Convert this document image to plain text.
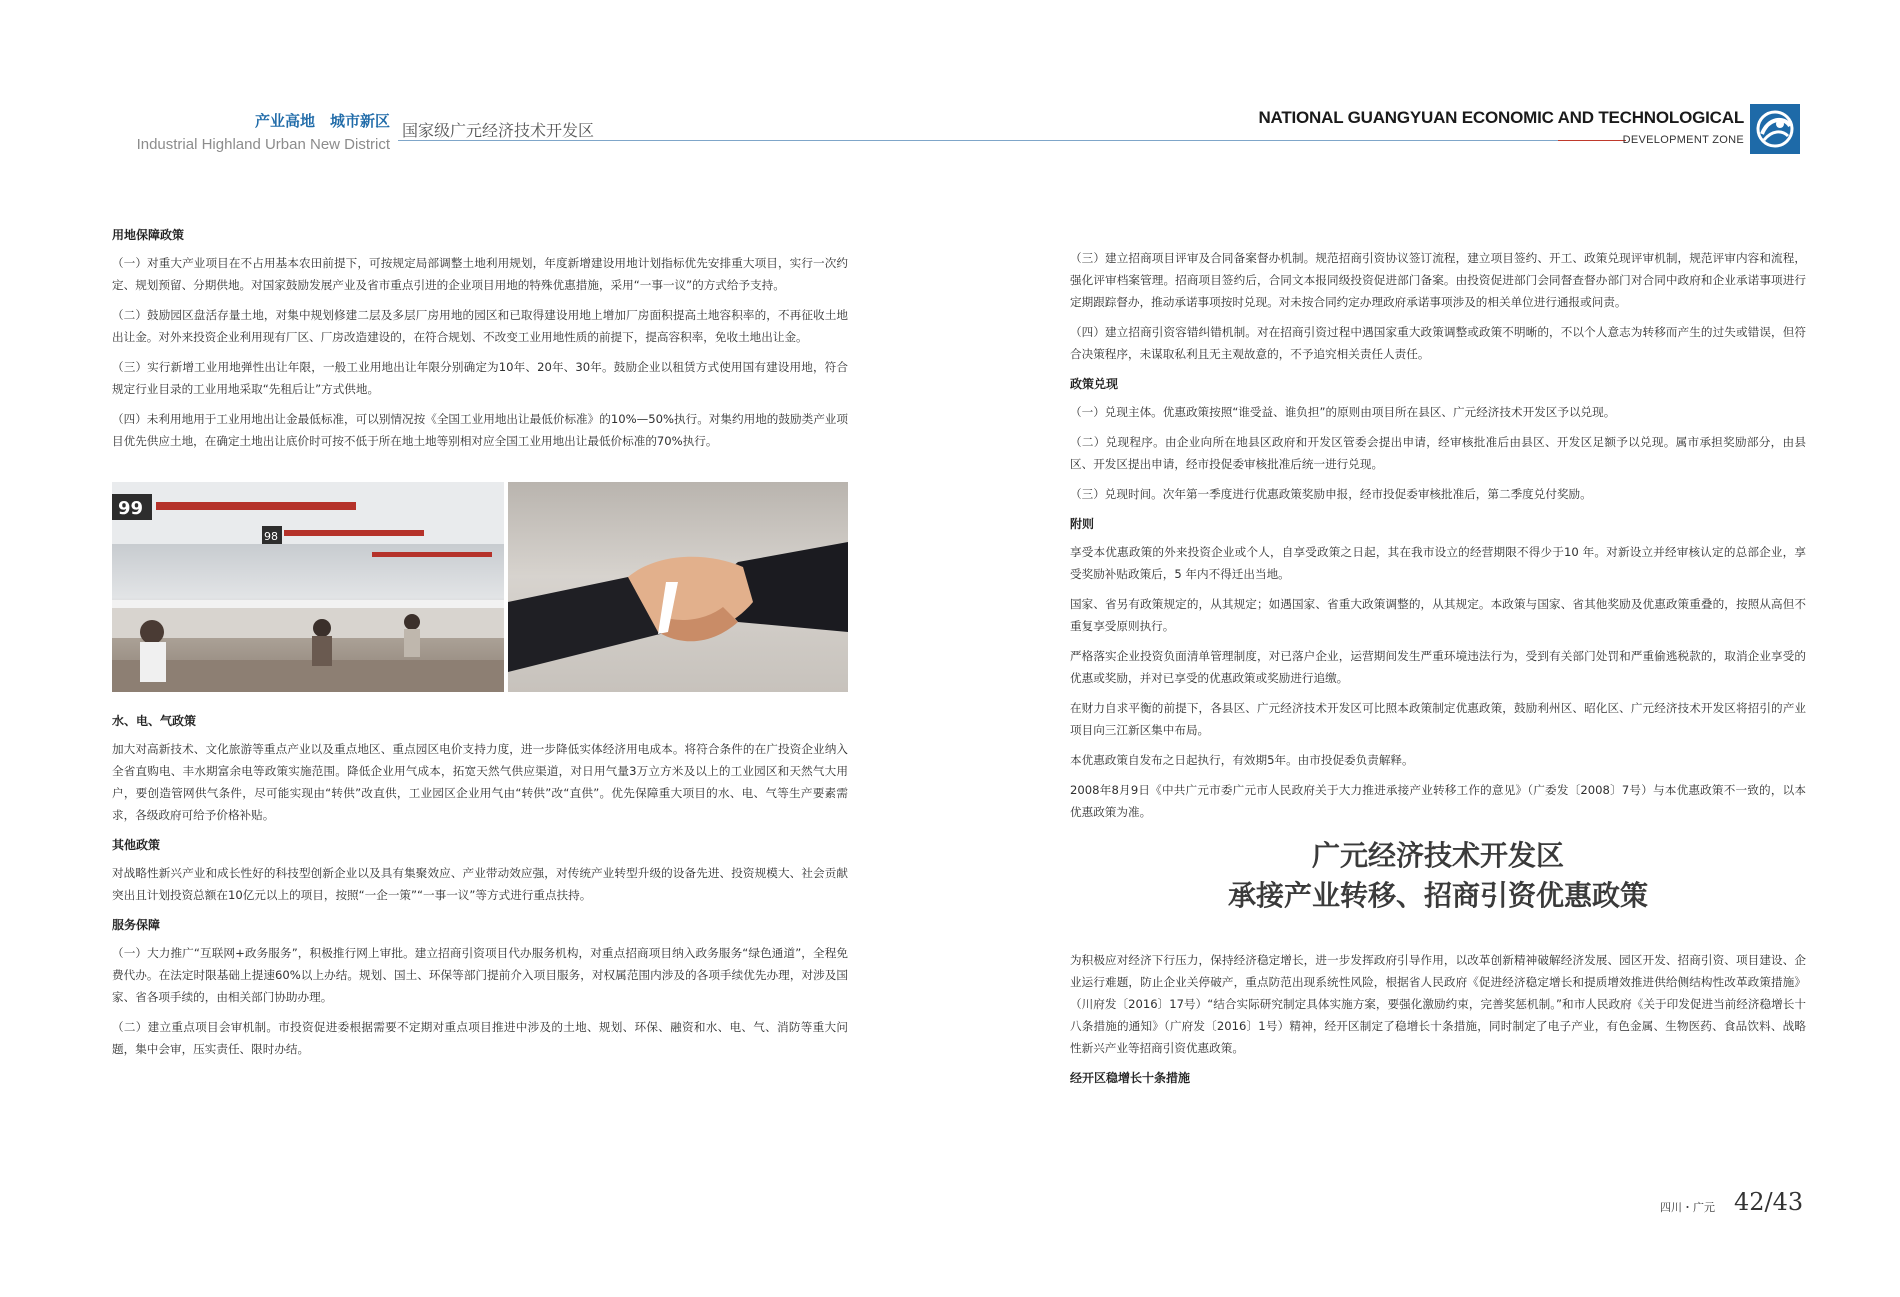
产业高地　城市新区
Industrial Highland Urban New District
国家级广元经济技术开发区
NATIONAL GUANGYUAN ECONOMIC AND TECHNOLOGICAL
DEVELOPMENT ZONE
用地保障政策

（一）对重大产业项目在不占用基本农田前提下，可按规定局部调整土地利用规划，年度新增建设用地计划指标优先安排重大项目，实行一次约定、规划预留、分期供地。对国家鼓励发展产业及省市重点引进的企业项目用地的特殊优惠措施，采用“一事一议”的方式给予支持。

（二）鼓励园区盘活存量土地，对集中规划修建二层及多层厂房用地的园区和已取得建设用地上增加厂房面积提高土地容积率的，不再征收土地出让金。对外来投资企业利用现有厂区、厂房改造建设的，在符合规划、不改变工业用地性质的前提下，提高容积率，免收土地出让金。

（三）实行新增工业用地弹性出让年限，一般工业用地出让年限分别确定为10年、20年、30年。鼓励企业以租赁方式使用国有建设用地，符合规定行业目录的工业用地采取“先租后让”方式供地。

（四）未利用地用于工业用地出让金最低标准，可以别情况按《全国工业用地出让最低价标准》的10%—50%执行。对集约用地的鼓励类产业项目优先供应土地，在确定土地出让底价时可按不低于所在地土地等别相对应全国工业用地出让最低价标准的70%执行。

99
98
水、电、气政策

加大对高新技术、文化旅游等重点产业以及重点地区、重点园区电价支持力度，进一步降低实体经济用电成本。将符合条件的在广投资企业纳入全省直购电、丰水期富余电等政策实施范围。降低企业用气成本，拓宽天然气供应渠道，对日用气量3万立方米及以上的工业园区和天然气大用户，要创造管网供气条件，尽可能实现由“转供”改直供，工业园区企业用气由“转供”改“直供”。优先保障重大项目的水、电、气等生产要素需求，各级政府可给予价格补贴。

其他政策

对战略性新兴产业和成长性好的科技型创新企业以及具有集聚效应、产业带动效应强，对传统产业转型升级的设备先进、投资规模大、社会贡献突出且计划投资总额在10亿元以上的项目，按照“一企一策”“一事一议”等方式进行重点扶持。

服务保障

（一）大力推广“互联网+政务服务”，积极推行网上审批。建立招商引资项目代办服务机构，对重点招商项目纳入政务服务“绿色通道”，全程免费代办。在法定时限基础上提速60%以上办结。规划、国土、环保等部门提前介入项目服务，对权属范围内涉及的各项手续优先办理，对涉及国家、省各项手续的，由相关部门协助办理。

（二）建立重点项目会审机制。市投资促进委根据需要不定期对重点项目推进中涉及的土地、规划、环保、融资和水、电、气、消防等重大问题，集中会审，压实责任、限时办结。

（三）建立招商项目评审及合同备案督办机制。规范招商引资协议签订流程，建立项目签约、开工、政策兑现评审机制，规范评审内容和流程，强化评审档案管理。招商项目签约后，合同文本报同级投资促进部门备案。由投资促进部门会同督查督办部门对合同中政府和企业承诺事项进行定期跟踪督办，推动承诺事项按时兑现。对未按合同约定办理政府承诺事项涉及的相关单位进行通报或问责。

（四）建立招商引资容错纠错机制。对在招商引资过程中遇国家重大政策调整或政策不明晰的，不以个人意志为转移而产生的过失或错误，但符合决策程序，未谋取私利且无主观故意的，不予追究相关责任人责任。

政策兑现

（一）兑现主体。优惠政策按照“谁受益、谁负担”的原则由项目所在县区、广元经济技术开发区予以兑现。

（二）兑现程序。由企业向所在地县区政府和开发区管委会提出申请，经审核批准后由县区、开发区足额予以兑现。属市承担奖励部分，由县区、开发区提出申请，经市投促委审核批准后统一进行兑现。

（三）兑现时间。次年第一季度进行优惠政策奖励申报，经市投促委审核批准后，第二季度兑付奖励。

附则

享受本优惠政策的外来投资企业或个人，自享受政策之日起，其在我市设立的经营期限不得少于10 年。对新设立并经审核认定的总部企业，享受奖励补贴政策后，5 年内不得迁出当地。

国家、省另有政策规定的，从其规定；如遇国家、省重大政策调整的，从其规定。本政策与国家、省其他奖励及优惠政策重叠的，按照从高但不重复享受原则执行。

严格落实企业投资负面清单管理制度，对已落户企业，运营期间发生严重环境违法行为，受到有关部门处罚和严重偷逃税款的，取消企业享受的优惠或奖励，并对已享受的优惠政策或奖励进行追缴。

在财力自求平衡的前提下，各县区、广元经济技术开发区可比照本政策制定优惠政策，鼓励利州区、昭化区、广元经济技术开发区将招引的产业项目向三江新区集中布局。

本优惠政策自发布之日起执行，有效期5年。由市投促委负责解释。

2008年8月9日《中共广元市委广元市人民政府关于大力推进承接产业转移工作的意见》（广委发〔2008〕7号）与本优惠政策不一致的，以本优惠政策为准。

广元经济技术开发区
承接产业转移、招商引资优惠政策

为积极应对经济下行压力，保持经济稳定增长，进一步发挥政府引导作用，以改革创新精神破解经济发展、园区开发、招商引资、项目建设、企业运行难题，防止企业关停破产，重点防范出现系统性风险，根据省人民政府《促进经济稳定增长和提质增效推进供给侧结构性改革政策措施》（川府发〔2016〕17号）“结合实际研究制定具体实施方案，要强化激励约束，完善奖惩机制。”和市人民政府《关于印发促进当前经济稳增长十八条措施的通知》（广府发〔2016〕1号）精神，经开区制定了稳增长十条措施，同时制定了电子产业，有色金属、生物医药、食品饮料、战略性新兴产业等招商引资优惠政策。

经开区稳增长十条措施
四川・广元 42/43
